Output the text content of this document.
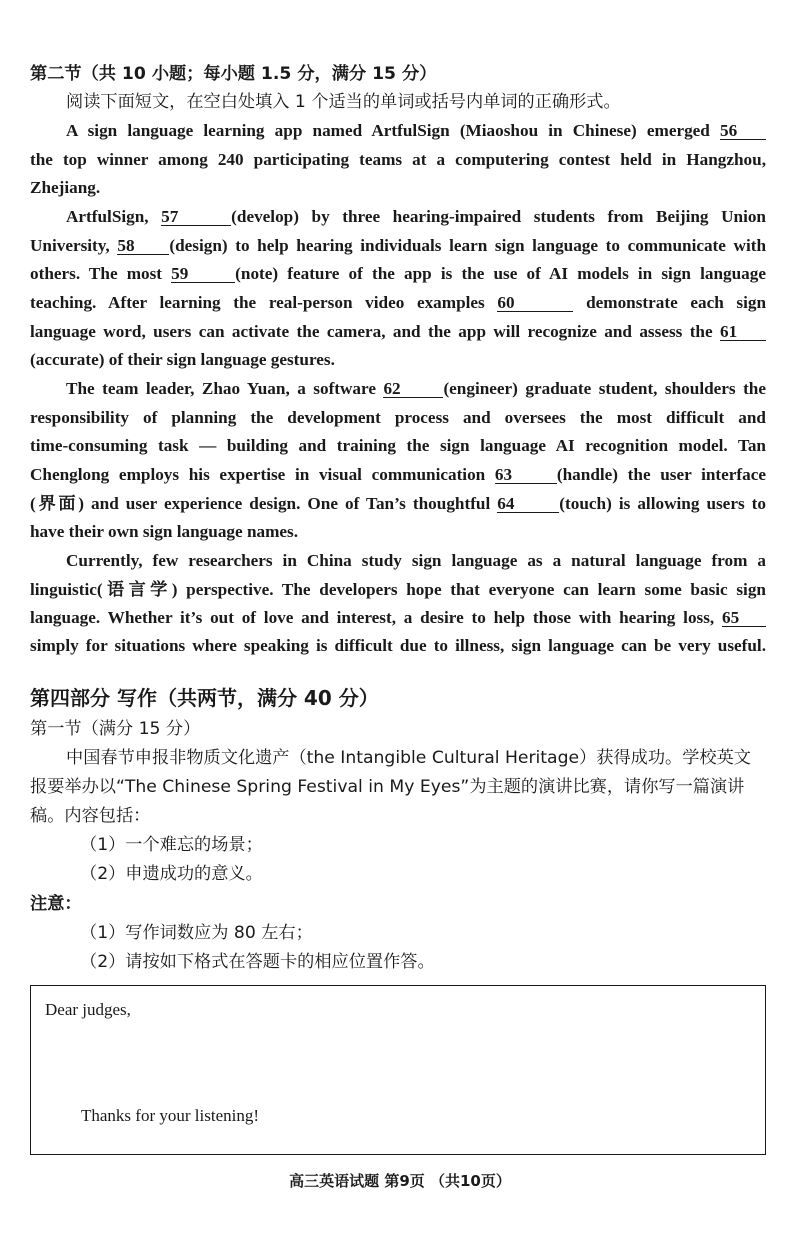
第二节（共 10 小题；每小题 1.5 分，满分 15 分）
阅读下面短文，在空白处填入 1 个适当的单词或括号内单词的正确形式。
A sign language learning app named ArtfulSign (Miaoshou in Chinese) emerged 56
the top winner among 240 participating teams at a computering contest held in Hangzhou,
Zhejiang.
ArtfulSign, 57	(develop) by three hearing-impaired students from Beijing Union
University, 58 (design) to help hearing individuals learn sign language to communicate with
others. The most 59	(note) feature of the app is the use of AI models in sign language
teaching. After learning the real-person video examples 60	demonstrate each sign
language word, users can activate the camera, and the app will recognize and assess the 61
(accurate) of their sign language gestures.
The team leader, Zhao Yuan, a software 62 (engineer) graduate student, shoulders the
responsibility of planning the development process and oversees the most difficult and
time-consuming task — building and training the sign language AI recognition model. Tan
Chenglong employs his expertise in visual communication 63	(handle) the user interface
(界面) and user experience design. One of Tan’s thoughtful 64	(touch) is allowing users to
have their own sign language names.
Currently, few researchers in China study sign language as a natural language from a
linguistic(语言学) perspective. The developers hope that everyone can learn some basic sign
language. Whether it’s out of love and interest, a desire to help those with hearing loss, 65
simply for situations where speaking is difficult due to illness, sign language can be very useful.
第四部分 写作（共两节，满分 40 分）
第一节（满分 15 分）
中国春节申报非物质文化遗产（the Intangible Cultural Heritage）获得成功。学校英文
报要举办以“The Chinese Spring Festival in My Eyes”为主题的演讲比赛，请你写一篇演讲
稿。内容包括：
（1）一个难忘的场景；
（2）申遗成功的意义。
注意：
（1）写作词数应为 80 左右；
（2）请按如下格式在答题卡的相应位置作答。
Dear judges,
Thanks for your listening!
高三英语试题 第9页 （共10页）
